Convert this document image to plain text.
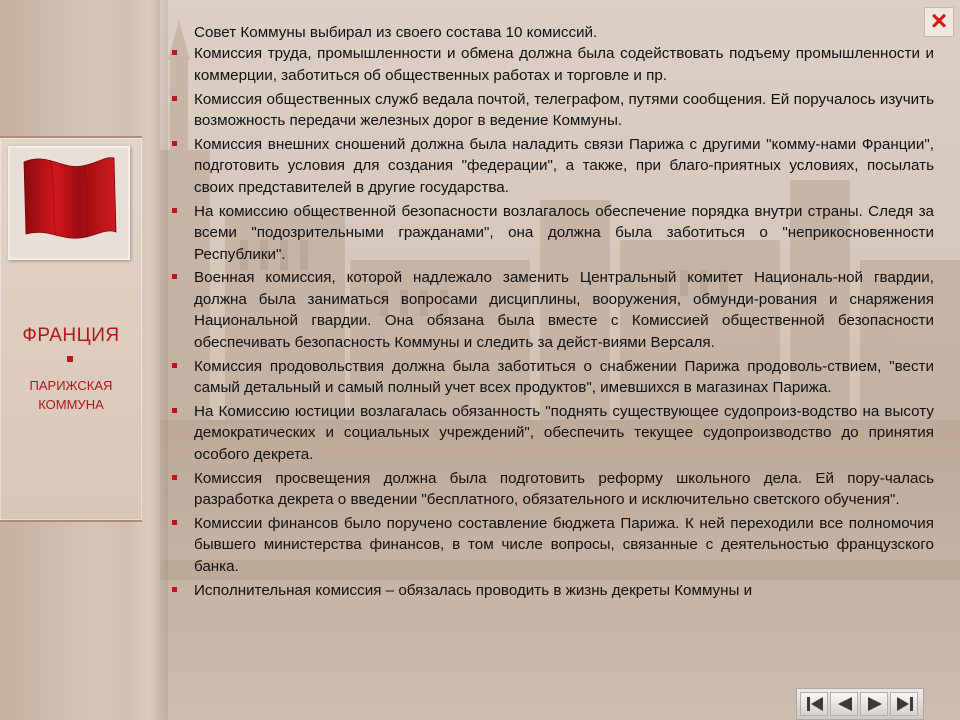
ФРАНЦИЯ
ПАРИЖСКАЯ КОММУНА
×

Совет Коммуны выбирал из своего состава 10 комиссий.

Комиссия труда, промышленности и обмена должна была содействовать подъему промышленности и коммерции, заботиться об общественных работах и торговле и пр.
Комиссия общественных служб ведала почтой, телеграфом, путями сообщения. Ей поручалось изучить возможность передачи железных дорог в ведение Коммуны.
Комиссия внешних сношений должна была наладить связи Парижа с другими "комму-нами Франции", подготовить условия для создания "федерации", а также, при благо-приятных условиях, посылать своих представителей в другие государства.
На комиссию общественной безопасности возлагалось обеспечение порядка внутри страны. Следя за всеми "подозрительными гражданами", она должна была заботиться о "неприкосновенности Республики".
Военная комиссия, которой надлежало заменить Центральный комитет Националь-ной гвардии, должна была заниматься вопросами дисциплины, вооружения, обмунди-рования и снаряжения Национальной гвардии. Она обязана была вместе с Комиссией общественной безопасности обеспечивать безопасность Коммуны и следить за дейст-виями Версаля.
Комиссия продовольствия должна была заботиться о снабжении Парижа продоволь-ствием, "вести самый детальный и самый полный учет всех продуктов", имевшихся в магазинах Парижа.
На Комиссию юстиции возлагалась обязанность "поднять существующее судопроиз-водство на высоту демократических и социальных учреждений", обеспечить текущее судопроизводство до принятия особого декрета.
Комиссия просвещения должна была подготовить реформу школьного дела. Ей пору-чалась разработка декрета о введении "бесплатного, обязательного и исключительно светского обучения".
Комиссии финансов было поручено составление бюджета Парижа. К ней переходили все полномочия бывшего министерства финансов, в том числе вопросы, связанные с деятельностью французского банка.
Исполнительная комиссия – обязалась проводить в жизнь декреты Коммуны и
